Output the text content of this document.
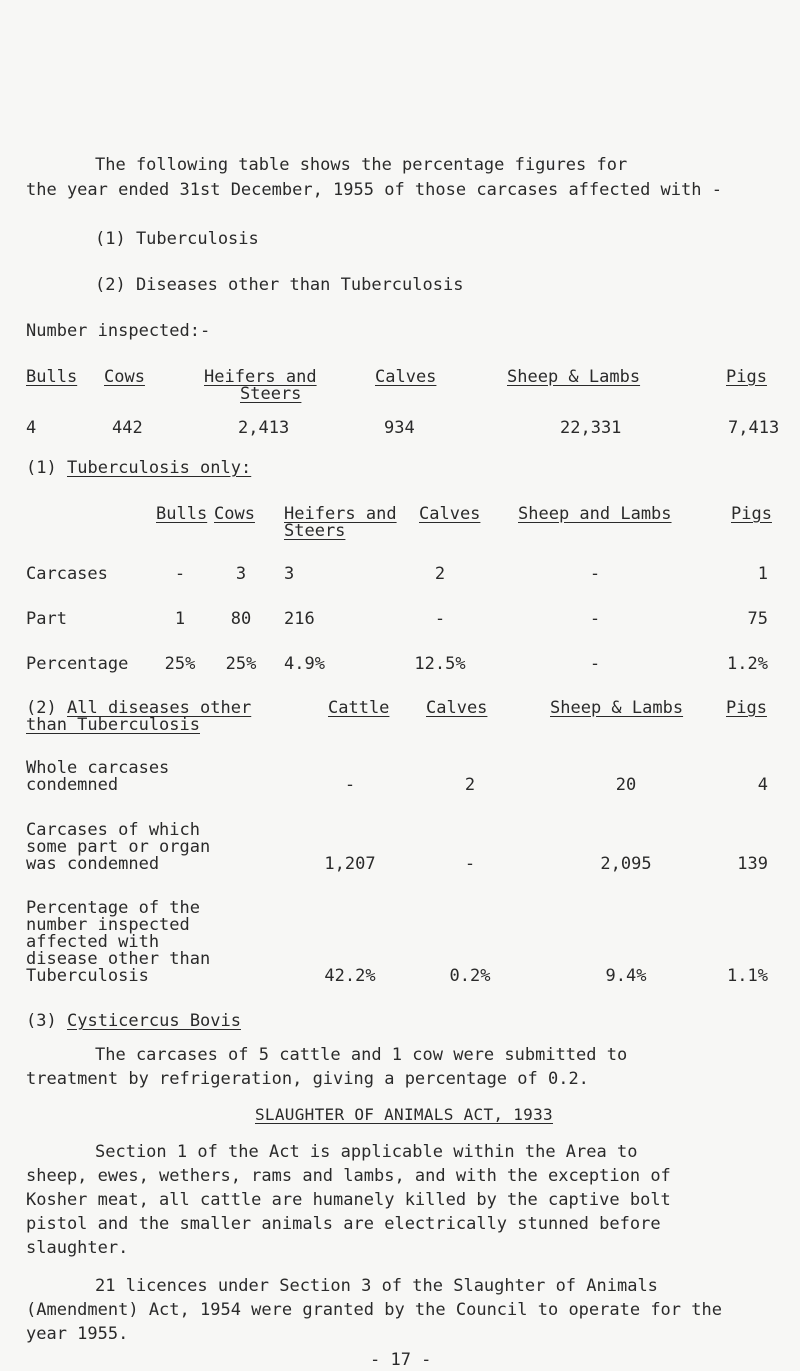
The following table shows the percentage figures for
the year ended 31st December, 1955 of those carcases affected with -
(1) Tuberculosis
(2) Diseases other than Tuberculosis
Number inspected:-
Bulls Cows	Heifers and
Steers
Calves	Sheep & Lambs	Pigs
4	442	2,413	934	22,331	7,413
(1) Tuberculosis only:
Bulls Cows Heifers and
Steers
Calves Sheep and Lambs	Pigs
Carcases	-	3	3	2	-	1
Part	1	80	216	-	-	75
Percentage	25%	25%	4.9%	12.5%	-	1.2%
(2) All diseases other
than Tuberculosis
Cattle Calves	Sheep & Lambs	Pigs
Whole carcases
condemned	-	2	20	4
Carcases of which
some part or organ
was condemned	1,207	-	2,095	139
Percentage of the
number inspected
affected with
disease other than
Tuberculosis	42.2%	0.2%	9.4%	1.1%
(3) Cysticercus Bovis
The carcases of 5 cattle and 1 cow were submitted to
treatment by refrigeration, giving a percentage of 0.2.
SLAUGHTER OF ANIMALS ACT, 1933
Section 1 of the Act is applicable within the Area to
sheep, ewes, wethers, rams and lambs, and with the exception of
Kosher meat, all cattle are humanely killed by the captive bolt
pistol and the smaller animals are electrically stunned before
slaughter.
21 licences under Section 3 of the Slaughter of Animals
(Amendment) Act, 1954 were granted by the Council to operate for the
year 1955.
- 17 -
